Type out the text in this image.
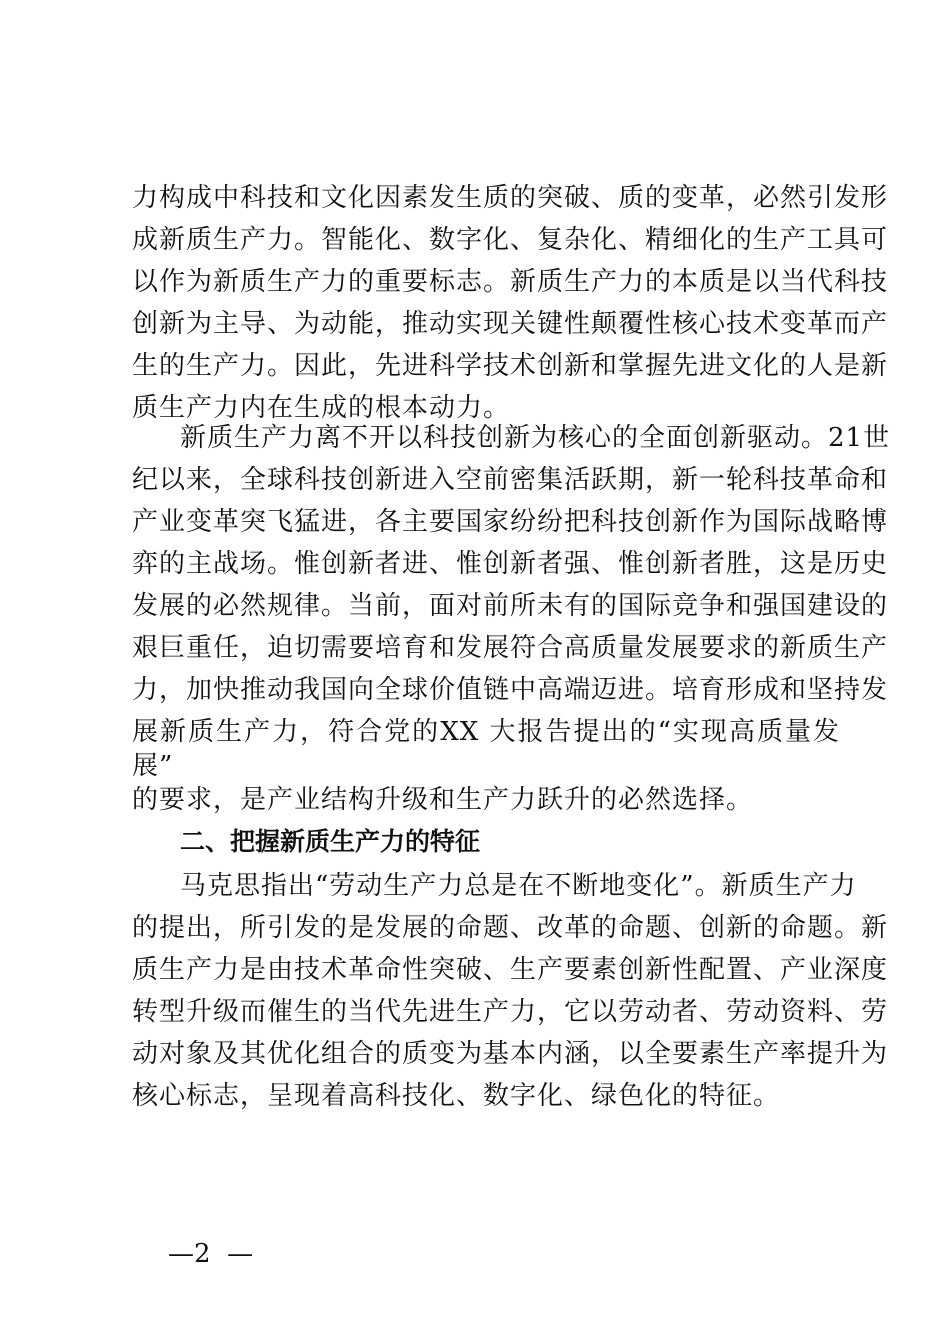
力构成中科技和文化因素发生质的突破、质的变革，必然引发形
成新质生产力。智能化、数字化、复杂化、精细化的生产工具可
以作为新质生产力的重要标志。新质生产力的本质是以当代科技
创新为主导、为动能，推动实现关键性颠覆性核心技术变革而产
生的生产力。因此，先进科学技术创新和掌握先进文化的人是新
质生产力内在生成的根本动力。
新质生产力离不开以科技创新为核心的全面创新驱动。21世
纪以来，全球科技创新进入空前密集活跃期，新一轮科技革命和
产业变革突飞猛进，各主要国家纷纷把科技创新作为国际战略博
弈的主战场。惟创新者进、惟创新者强、惟创新者胜，这是历史
发展的必然规律。当前，面对前所未有的国际竞争和强国建设的
艰巨重任，迫切需要培育和发展符合高质量发展要求的新质生产
力，加快推动我国向全球价值链中高端迈进。培育形成和坚持发
展新质生产力，符合党的XX 大报告提出的“实现高质量发
展”
的要求，是产业结构升级和生产力跃升的必然选择。
二、把握新质生产力的特征
马克思指出“劳动生产力总是在不断地变化”。新质生产力
的提出，所引发的是发展的命题、改革的命题、创新的命题。新
质生产力是由技术革命性突破、生产要素创新性配置、产业深度
转型升级而催生的当代先进生产力，它以劳动者、劳动资料、劳
动对象及其优化组合的质变为基本内涵，以全要素生产率提升为
核心标志，呈现着高科技化、数字化、绿色化的特征。
—2  —
